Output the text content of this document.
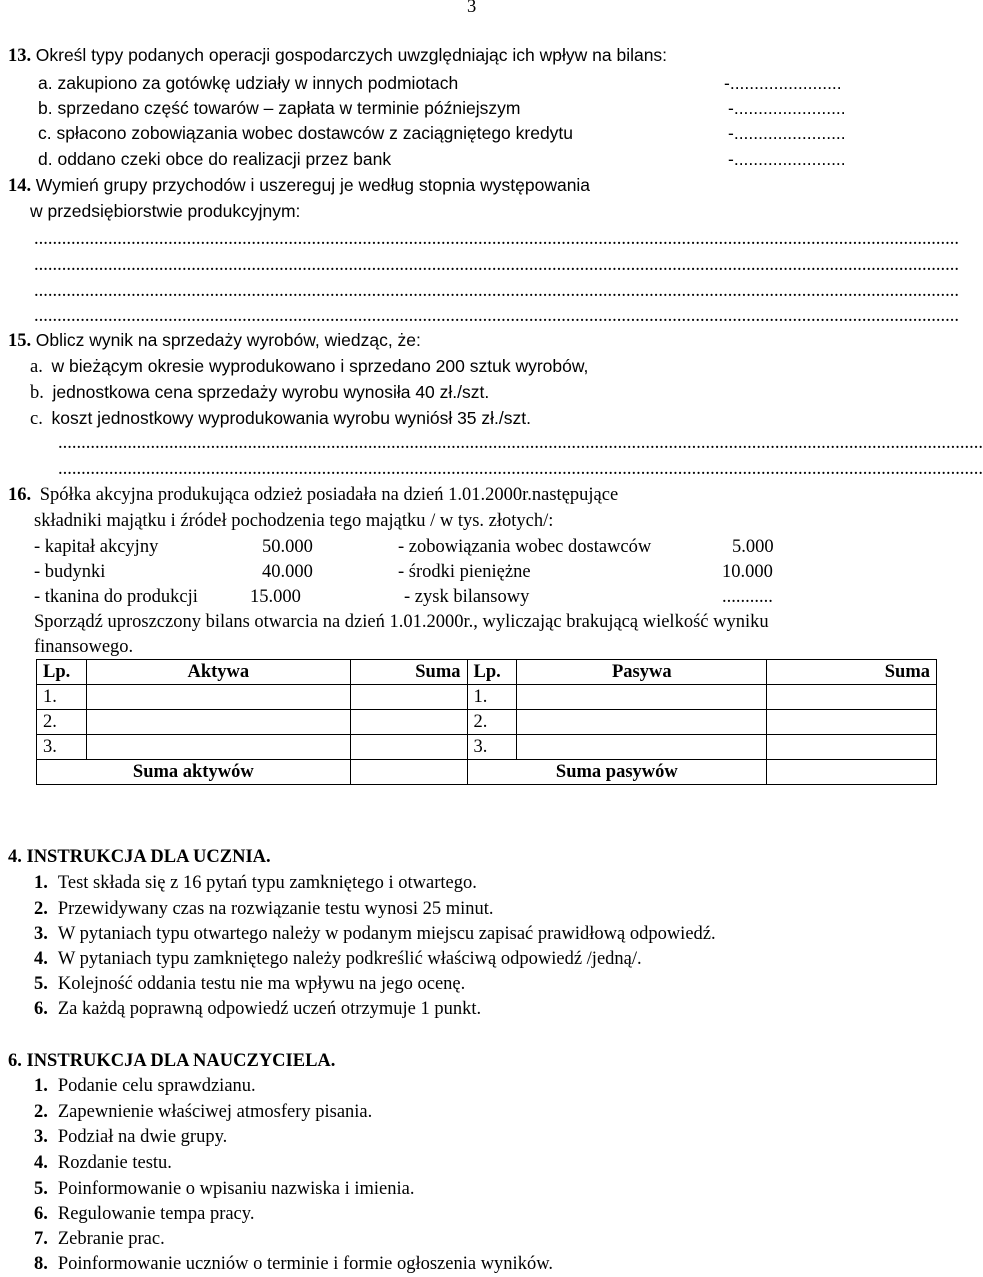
3
13. Określ typy podanych operacji gospodarczych uwzględniając ich wpływ na bilans:
a. zakupiono za gotówkę udziały w innych podmiotach	-.......................
b. sprzedano część towarów – zapłata w terminie późniejszym	-.......................
c. spłacono zobowiązania wobec dostawców z zaciągniętego kredytu	-.......................
d. oddano czeki obce do realizacji przez bank	-.......................
14. Wymień grupy przychodów i uszereguj je według stopnia występowania
w przedsiębiorstwie produkcyjnym:
........................................................................................................................................................................................................
........................................................................................................................................................................................................
........................................................................................................................................................................................................
........................................................................................................................................................................................................
15. Oblicz wynik na sprzedaży wyrobów, wiedząc, że:
a. w bieżącym okresie wyprodukowano i sprzedano 200 sztuk wyrobów,
b. jednostkowa cena sprzedaży wyrobu wynosiła 40 zł./szt.
c. koszt jednostkowy wyprodukowania wyrobu wyniósł 35 zł./szt.
........................................................................................................................................................................................................
........................................................................................................................................................................................................
16. Spółka akcyjna produkująca odzież posiadała na dzień 1.01.2000r.następujące
składniki majątku i źródeł pochodzenia tego majątku / w tys. złotych/:
- kapitał akcyjny	50.000	- zobowiązania wobec dostawców	5.000
- budynki	40.000	- środki pieniężne	10.000
- tkanina do produkcji	15.000	- zysk bilansowy	...........
Sporządź uproszczony bilans otwarcia na dzień 1.01.2000r., wyliczając brakującą wielkość wyniku
finansowego.
Lp.	Aktywa	Suma	Lp.	Pasywa	Suma
1.			1.		
2.			2.		
3.			3.		
Suma aktywów			Suma pasywów		
4. INSTRUKCJA DLA UCZNIA.
1. Test składa się z 16 pytań typu zamkniętego i otwartego.
2. Przewidywany czas na rozwiązanie testu wynosi 25 minut.
3. W pytaniach typu otwartego należy w podanym miejscu zapisać prawidłową odpowiedź.
4. W pytaniach typu zamkniętego należy podkreślić właściwą odpowiedź /jedną/.
5. Kolejność oddania testu nie ma wpływu na jego ocenę.
6. Za każdą poprawną odpowiedź uczeń otrzymuje 1 punkt.
6. INSTRUKCJA DLA NAUCZYCIELA.
1. Podanie celu sprawdzianu.
2. Zapewnienie właściwej atmosfery pisania.
3. Podział na dwie grupy.
4. Rozdanie testu.
5. Poinformowanie o wpisaniu nazwiska i imienia.
6. Regulowanie tempa pracy.
7. Zebranie prac.
8. Poinformowanie uczniów o terminie i formie ogłoszenia wyników.
